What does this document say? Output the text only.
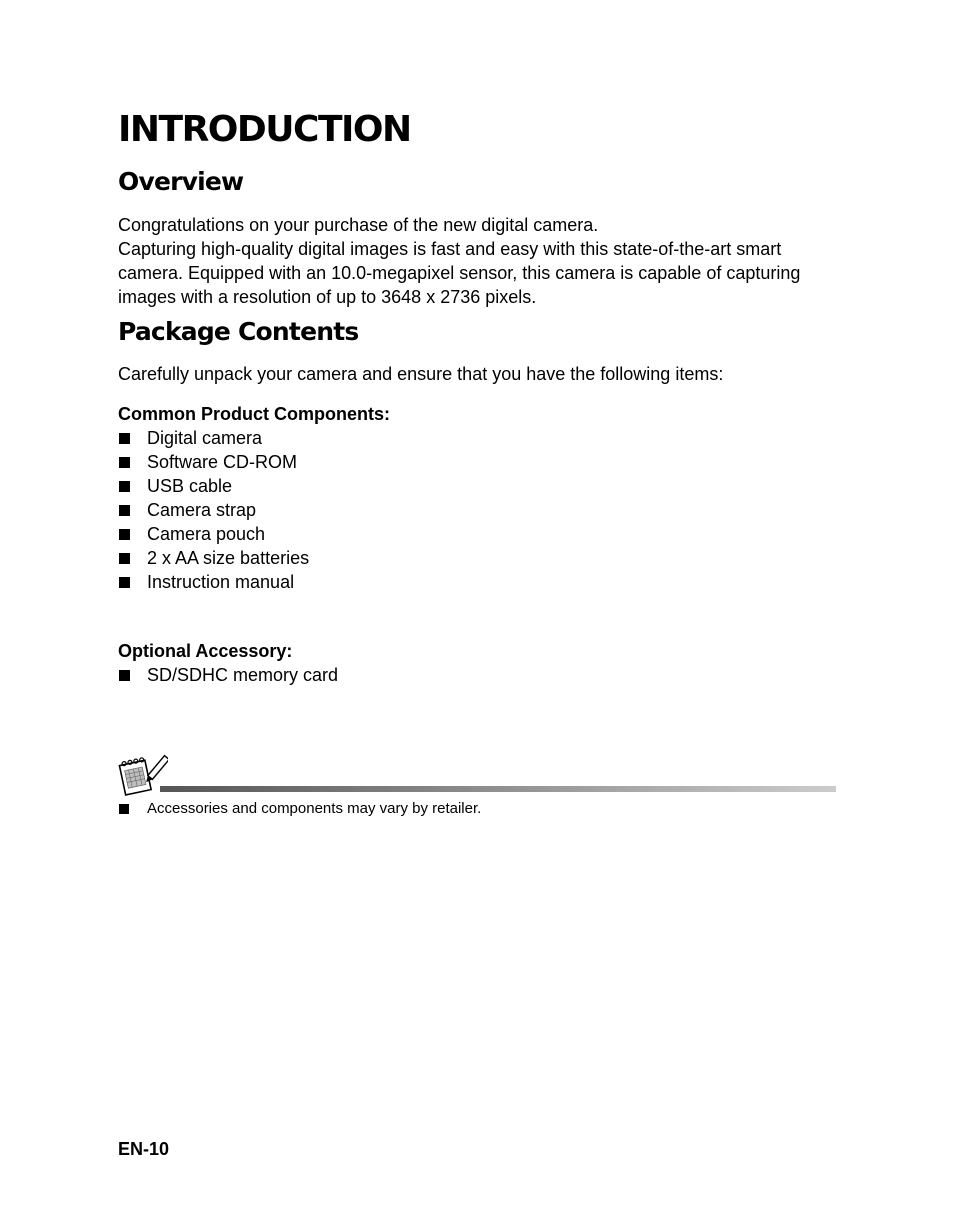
INTRODUCTION
Overview

Congratulations on your purchase of the new digital camera.

Capturing high-quality digital images is fast and easy with this state-of-the-art smart camera. Equipped with an 10.0-megapixel sensor, this camera is capable of capturing images with a resolution of up to 3648 x 2736 pixels.

Package Contents

Carefully unpack your camera and ensure that you have the following items:

Common Product Components:

Digital camera
Software CD-ROM
USB cable
Camera strap
Camera pouch
2 x AA size batteries
Instruction manual

Optional Accessory:

SD/SDHC memory card

Accessories and components may vary by retailer.

EN-10
